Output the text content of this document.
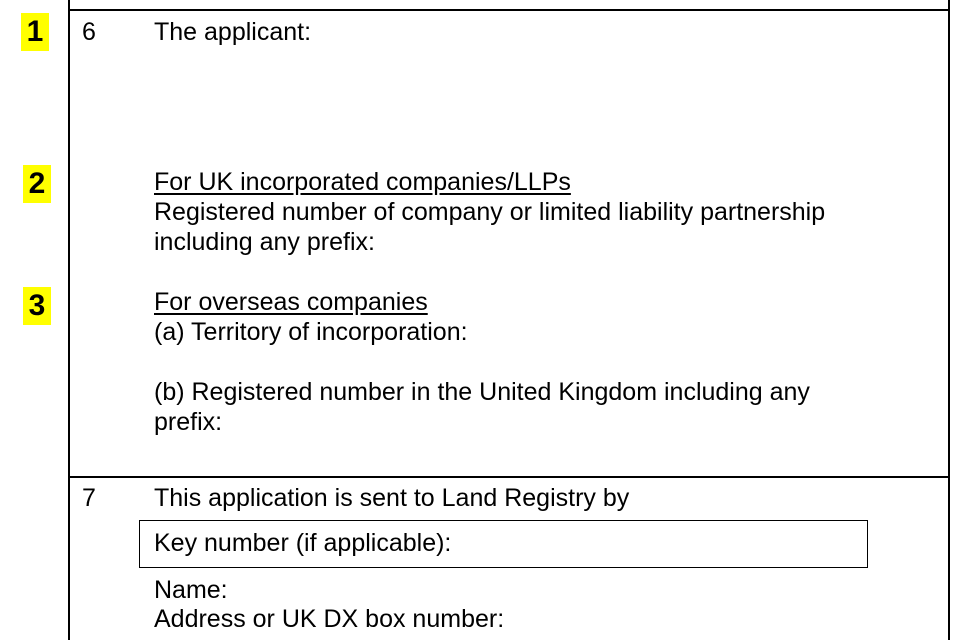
1
2
3
6 The applicant:
For UK incorporated companies/LLPs
Registered number of company or limited liability partnership
including any prefix:
For overseas companies
(a) Territory of incorporation:
(b) Registered number in the United Kingdom including any
prefix:
7 This application is sent to Land Registry by
Key number (if applicable):
Name:
Address or UK DX box number:
